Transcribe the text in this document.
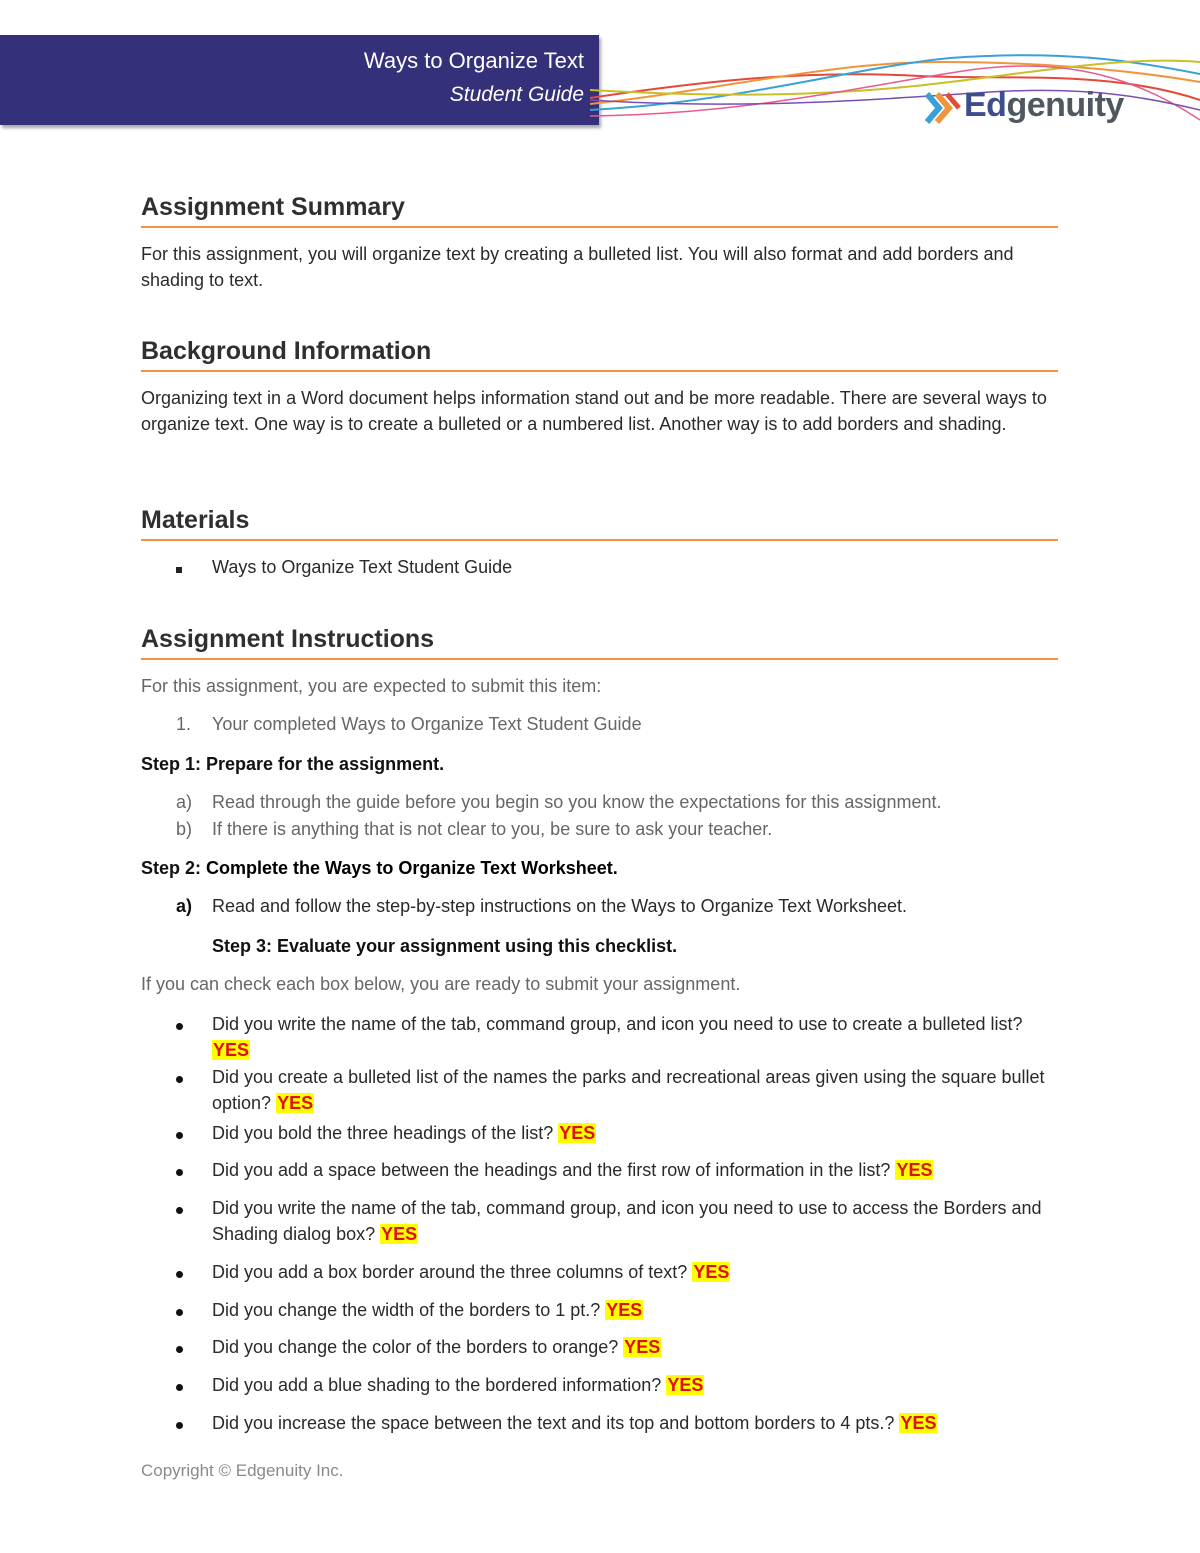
Ways to Organize Text
Student Guide	Edgenuity
Assignment Summary
For this assignment, you will organize text by creating a bulleted list. You will also format and add borders and shading to text.
Background Information
Organizing text in a Word document helps information stand out and be more readable. There are several ways to organize text. One way is to create a bulleted or a numbered list. Another way is to add borders and shading.
Materials
Ways to Organize Text Student Guide
Assignment Instructions
For this assignment, you are expected to submit this item:
1.	Your completed Ways to Organize Text Student Guide
Step 1: Prepare for the assignment.
a)	Read through the guide before you begin so you know the expectations for this assignment.
b)	If there is anything that is not clear to you, be sure to ask your teacher.
Step 2: Complete the Ways to Organize Text Worksheet.
a)	Read and follow the step-by-step instructions on the Ways to Organize Text Worksheet.
Step 3: Evaluate your assignment using this checklist.
If you can check each box below, you are ready to submit your assignment.
Did you write the name of the tab, command group, and icon you need to use to create a bulleted list? YES
Did you create a bulleted list of the names the parks and recreational areas given using the square bullet option? YES
Did you bold the three headings of the list? YES
Did you add a space between the headings and the first row of information in the list? YES
Did you write the name of the tab, command group, and icon you need to use to access the Borders and Shading dialog box? YES
Did you add a box border around the three columns of text? YES
Did you change the width of the borders to 1 pt.? YES
Did you change the color of the borders to orange? YES
Did you add a blue shading to the bordered information? YES
Did you increase the space between the text and its top and bottom borders to 4 pts.? YES
Copyright © Edgenuity Inc.
